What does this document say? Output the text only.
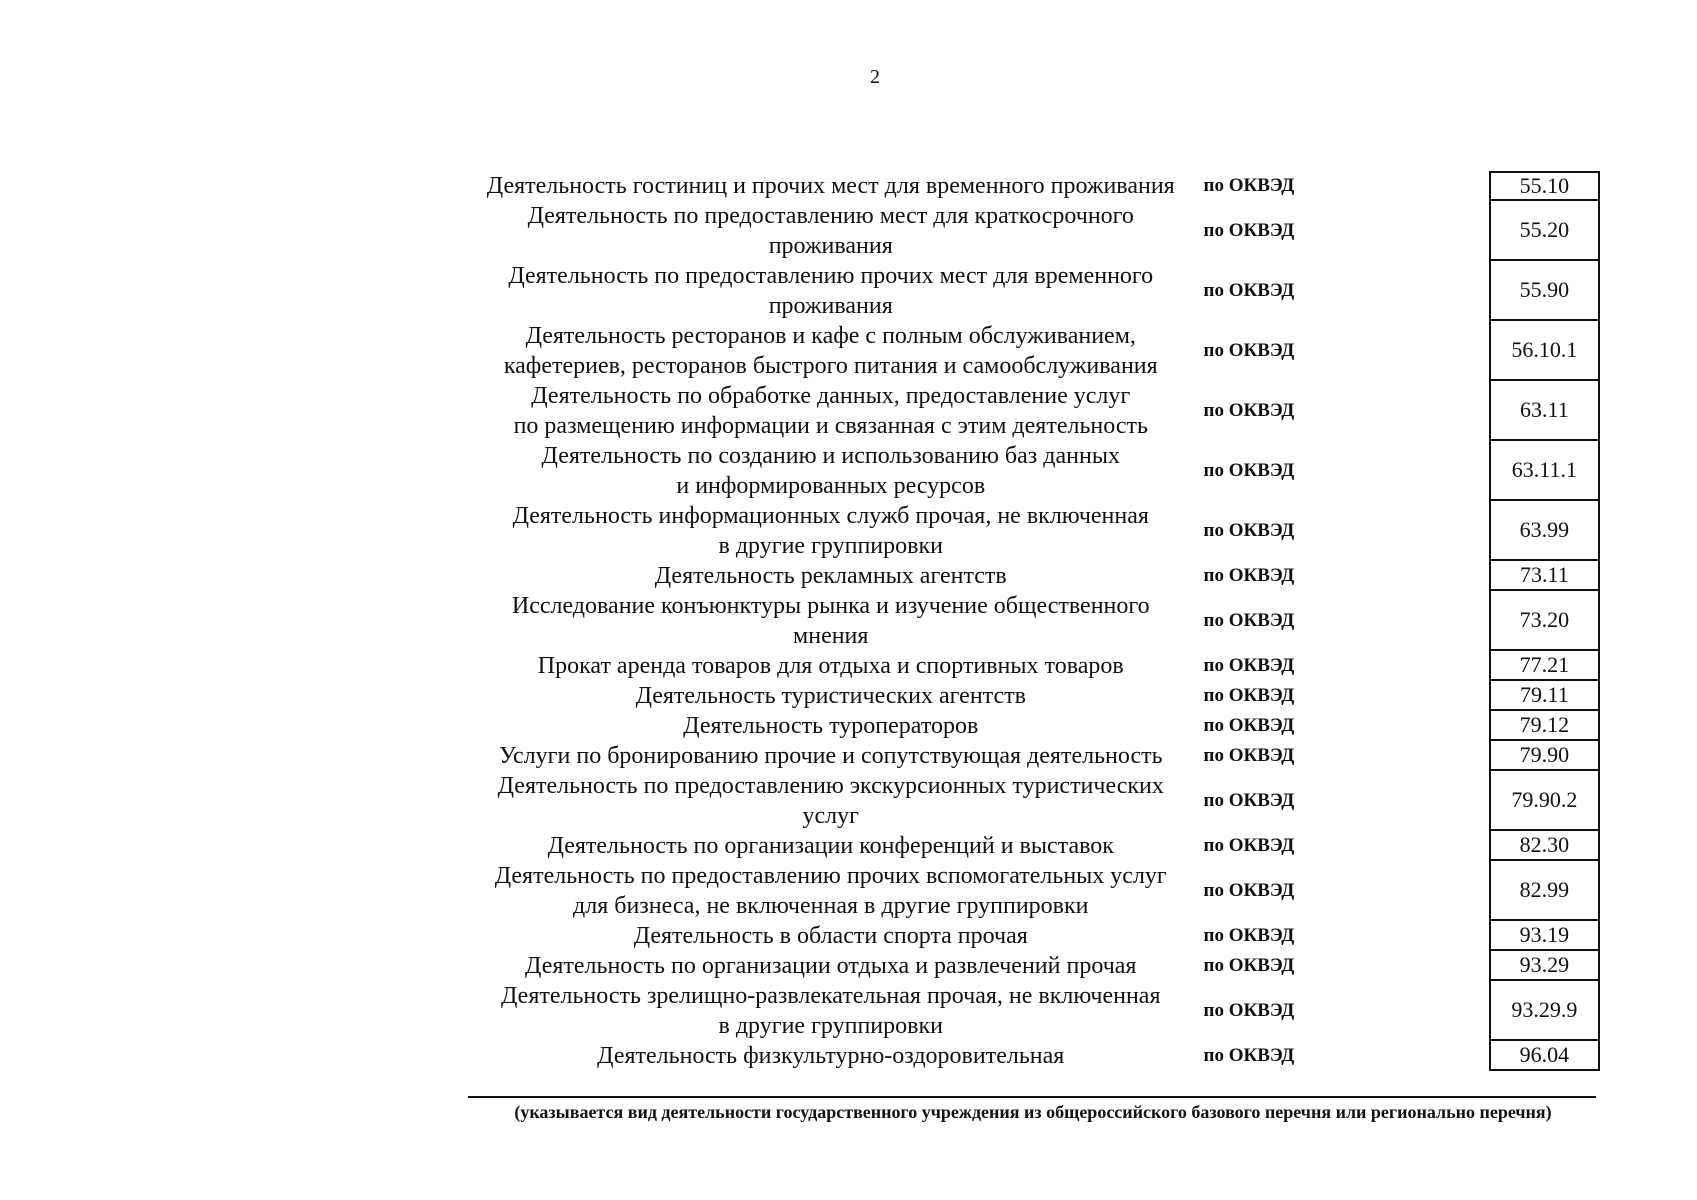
2
Деятельность гостиниц и прочих мест для временного проживания	по ОКВЭД	55.10
Деятельность по предоставлению мест для краткосрочного
проживания
по ОКВЭД	55.20
Деятельность по предоставлению прочих мест для временного
проживания
по ОКВЭД	55.90
Деятельность ресторанов и кафе с полным обслуживанием,
кафетериев, ресторанов быстрого питания и самообслуживания
по ОКВЭД	56.10.1
Деятельность по обработке данных, предоставление услуг
по размещению информации и связанная с этим деятельность
по ОКВЭД	63.11
Деятельность по созданию и использованию баз данных
и информированных ресурсов
по ОКВЭД	63.11.1
Деятельность информационных служб прочая, не включенная
в другие группировки
по ОКВЭД	63.99
Деятельность рекламных агентств	по ОКВЭД	73.11
Исследование конъюнктуры рынка и изучение общественного
мнения
по ОКВЭД	73.20
Прокат аренда товаров для отдыха и спортивных товаров	по ОКВЭД	77.21
Деятельность туристических агентств	по ОКВЭД	79.11
Деятельность туроператоров	по ОКВЭД	79.12
Услуги по бронированию прочие и сопутствующая деятельность	по ОКВЭД	79.90
Деятельность по предоставлению экскурсионных туристических
услуг
по ОКВЭД	79.90.2
Деятельность по организации конференций и выставок	по ОКВЭД	82.30
Деятельность по предоставлению прочих вспомогательных услуг
для бизнеса, не включенная в другие группировки
по ОКВЭД	82.99
Деятельность в области спорта прочая	по ОКВЭД	93.19
Деятельность по организации отдыха и развлечений прочая	по ОКВЭД	93.29
Деятельность зрелищно-развлекательная прочая, не включенная
в другие группировки
по ОКВЭД	93.29.9
Деятельность физкультурно-оздоровительная	по ОКВЭД	96.04
(указывается вид деятельности государственного учреждения из общероссийского базового перечня или регионально перечня)
